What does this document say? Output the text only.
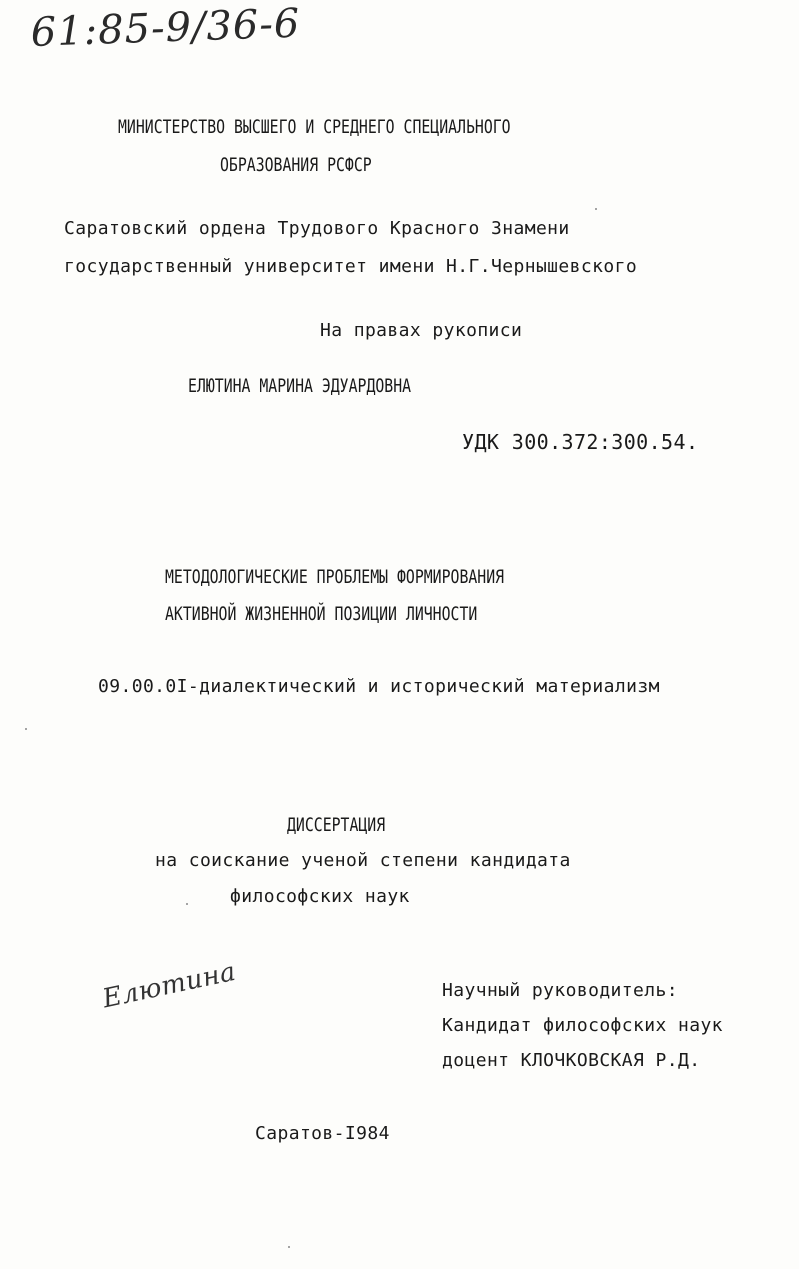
61:85-9/36-6
МИНИСТЕРСТВО ВЫСШЕГО И СРЕДНЕГО СПЕЦИАЛЬНОГО
ОБРАЗОВАНИЯ РСФСР
Саратовский ордена Трудового Красного Знамени
государственный университет имени Н.Г.Чернышевского
На правах рукописи
ЕЛЮТИНА МАРИНА ЭДУАРДОВНА
УДК 300.372:300.54.
МЕТОДОЛОГИЧЕСКИЕ ПРОБЛЕМЫ ФОРМИРОВАНИЯ
АКТИВНОЙ ЖИЗНЕННОЙ ПОЗИЦИИ ЛИЧНОСТИ
09.00.0I-диалектический и исторический материализм
ДИССЕРТАЦИЯ
на соискание ученой степени кандидата
философских наук
Научный руководитель:
Кандидат философских наук
доцент КЛОЧКОВСКАЯ Р.Д.
Елютина
Саратов-I984
